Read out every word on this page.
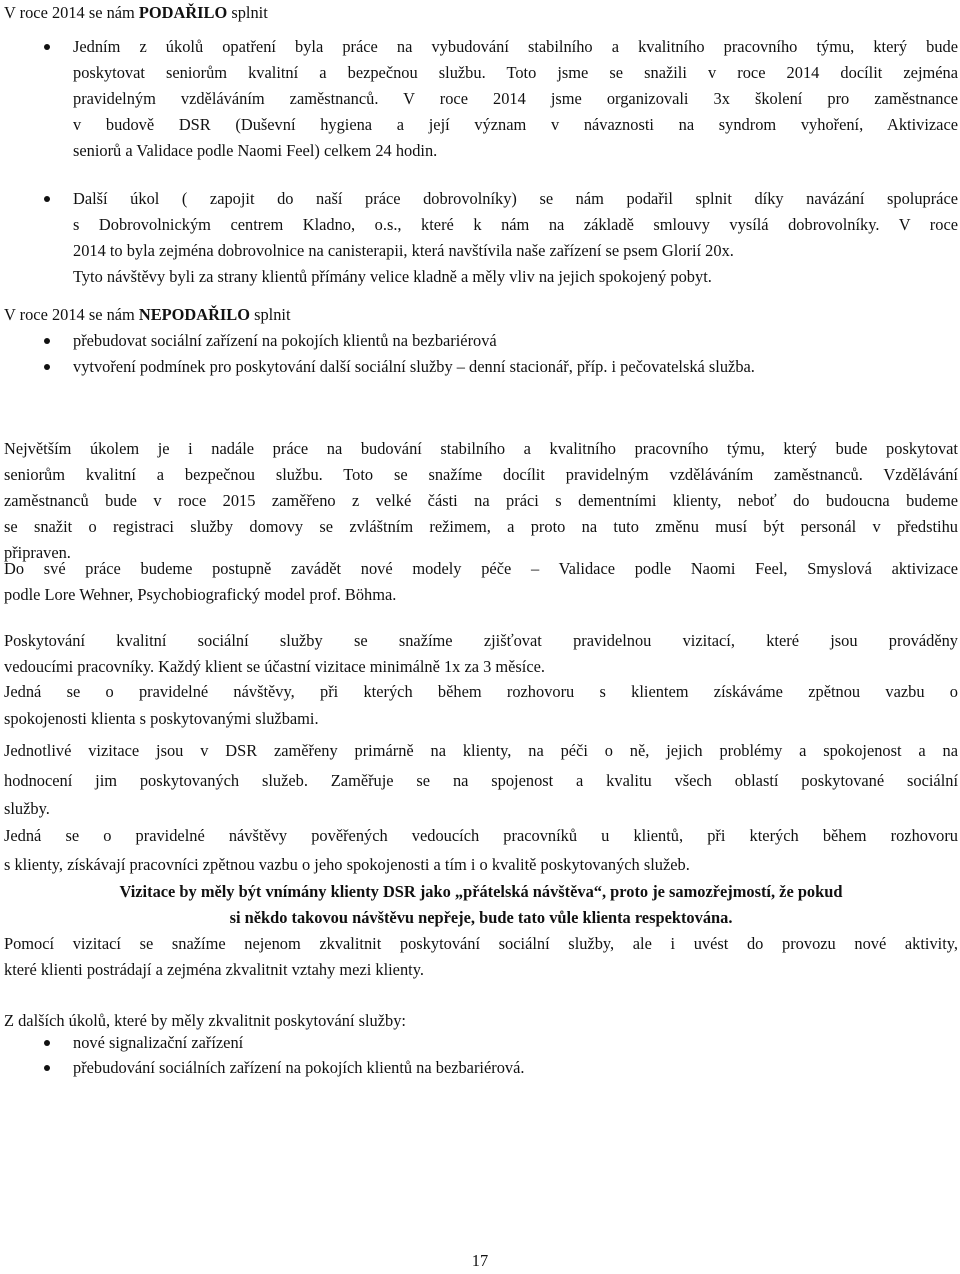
V roce 2014 se nám PODAŘILO splnit
Jedním z úkolů opatření byla práce na vybudování stabilního a kvalitního pracovního týmu, který bude
poskytovat seniorům kvalitní a bezpečnou službu. Toto jsme se snažili v roce 2014 docílit zejména
pravidelným vzděláváním zaměstnanců. V roce 2014 jsme organizovali 3x školení pro zaměstnance
v budově DSR (Duševní hygiena a její význam v návaznosti na syndrom vyhoření, Aktivizace
seniorů a Validace podle Naomi Feel) celkem 24 hodin.
Další úkol ( zapojit do naší práce dobrovolníky) se nám podařil splnit díky navázání spolupráce
s Dobrovolnickým centrem Kladno, o.s., které k nám na základě smlouvy vysílá dobrovolníky. V roce
2014 to byla zejména dobrovolnice na canisterapii, která navštívila naše zařízení se psem Glorií 20x.
Tyto návštěvy byli za strany klientů přímány velice kladně a měly vliv na jejich spokojený pobyt.
V roce 2014 se nám NEPODAŘILO splnit
přebudovat sociální zařízení na pokojích klientů na bezbariérová
vytvoření podmínek pro poskytování další sociální služby – denní stacionář, příp. i pečovatelská služba.
Největším úkolem je i nadále práce na budování stabilního a kvalitního pracovního týmu, který bude poskytovat
seniorům kvalitní a bezpečnou službu. Toto se snažíme docílit pravidelným vzděláváním zaměstnanců. Vzdělávání
zaměstnanců bude v roce 2015 zaměřeno z velké části na práci s dementními klienty, neboť do budoucna budeme
se snažit o registraci služby domovy se zvláštním režimem, a proto na tuto změnu musí být personál v předstihu
připraven.
Do své práce budeme postupně zavádět nové modely péče – Validace podle Naomi Feel, Smyslová aktivizace
podle Lore Wehner, Psychobiografický model prof. Böhma.
Poskytování kvalitní sociální služby se snažíme zjišťovat pravidelnou vizitací, které jsou prováděny
vedoucími pracovníky. Každý klient se účastní vizitace minimálně 1x za 3 měsíce.
Jedná se o pravidelné návštěvy, při kterých během rozhovoru s klientem získáváme zpětnou vazbu o
spokojenosti klienta s poskytovanými službami.
Jednotlivé vizitace jsou v DSR zaměřeny primárně na klienty, na péči o ně, jejich problémy a spokojenost a na
hodnocení jim poskytovaných služeb. Zaměřuje se na spojenost a kvalitu všech oblastí poskytované sociální
služby.
Jedná se o pravidelné návštěvy pověřených vedoucích pracovníků u klientů, při kterých během rozhovoru
s klienty, získávají pracovníci zpětnou vazbu o jeho spokojenosti a tím i o kvalitě poskytovaných služeb.
Vizitace by měly být vnímány klienty DSR jako „přátelská návštěva“, proto je samozřejmostí, že pokud
si někdo takovou návštěvu nepřeje, bude tato vůle klienta respektována.
Pomocí vizitací se snažíme nejenom zkvalitnit poskytování sociální služby, ale i uvést do provozu nové aktivity,
které klienti postrádají a zejména zkvalitnit vztahy mezi klienty.
Z dalších úkolů, které by měly zkvalitnit poskytování služby:
nové signalizační zařízení
přebudování sociálních zařízení na pokojích klientů na bezbariérová.
17
